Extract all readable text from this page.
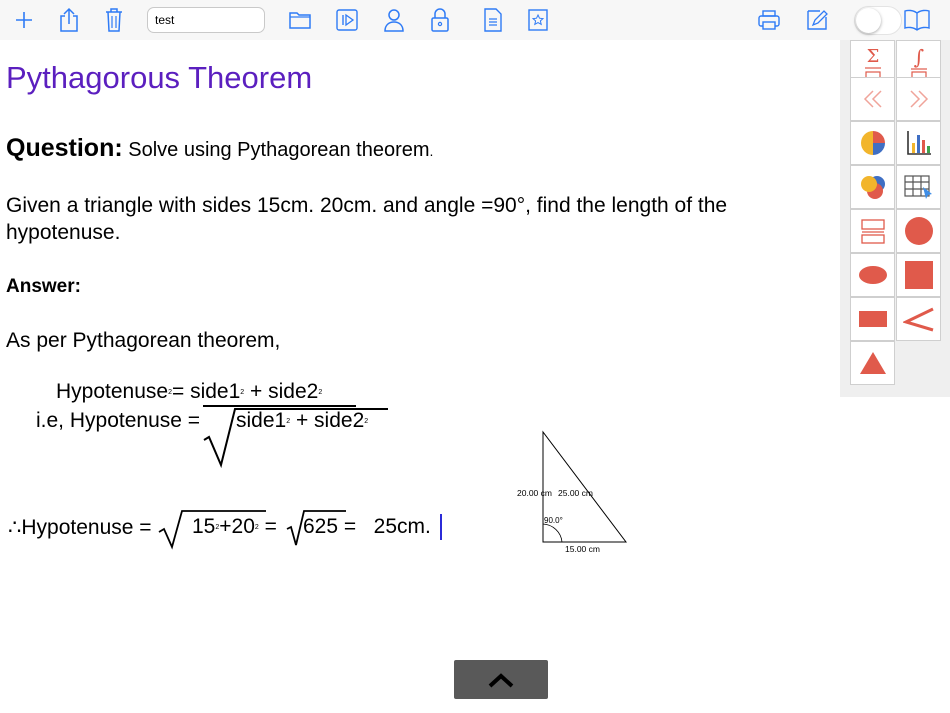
test
Pythagorous Theorem
Question: Solve using Pythagorean theorem.
Given a triangle with sides 15cm. 20cm. and angle =90°, find the length of the
hypotenuse.
Answer:
As per Pythagorean theorem,
Hypotenuse$^2$= $side1^2$ + $side2^2$
i.e, Hypotenuse = $side1^2$ + $side2^2$
∴Hypotenuse = $15^2+20^2 = 625 = 25cm$.
20.00 cm 25.00 cm
90.0°
15.00 cm
Σ ∫
